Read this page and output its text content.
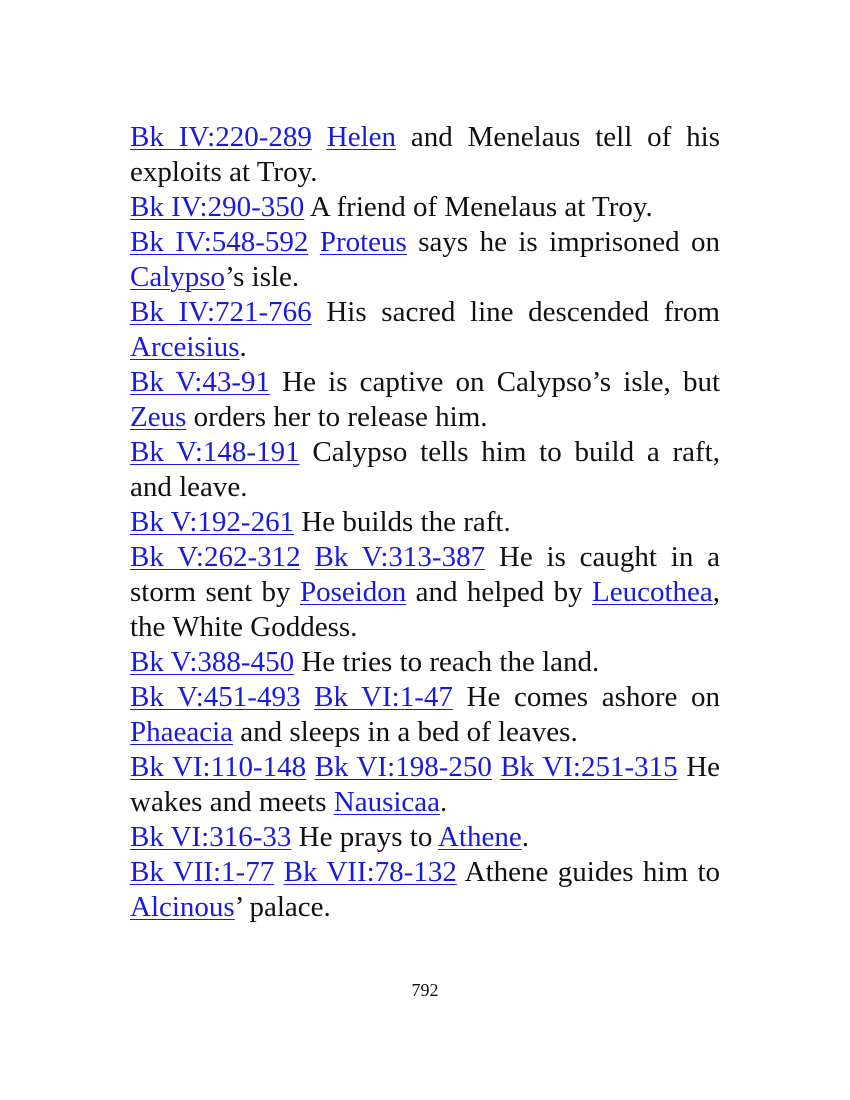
Bk IV:220-289 Helen and Menelaus tell of his exploits at Troy.

Bk IV:290-350 A friend of Menelaus at Troy.

Bk IV:548-592 Proteus says he is imprisoned on Calypso’s isle.

Bk IV:721-766 His sacred line descended from Arceisius.

Bk V:43-91 He is captive on Calypso’s isle, but Zeus orders her to release him.

Bk V:148-191 Calypso tells him to build a raft, and leave.

Bk V:192-261 He builds the raft.

Bk V:262-312 Bk V:313-387 He is caught in a storm sent by Poseidon and helped by Leucothea, the White Goddess.

Bk V:388-450 He tries to reach the land.

Bk V:451-493 Bk VI:1-47 He comes ashore on Phaeacia and sleeps in a bed of leaves.

Bk VI:110-148 Bk VI:198-250 Bk VI:251-315 He wakes and meets Nausicaa.

Bk VI:316-33 He prays to Athene.

Bk VII:1-77 Bk VII:78-132 Athene guides him to Alcinous’ palace.

792
